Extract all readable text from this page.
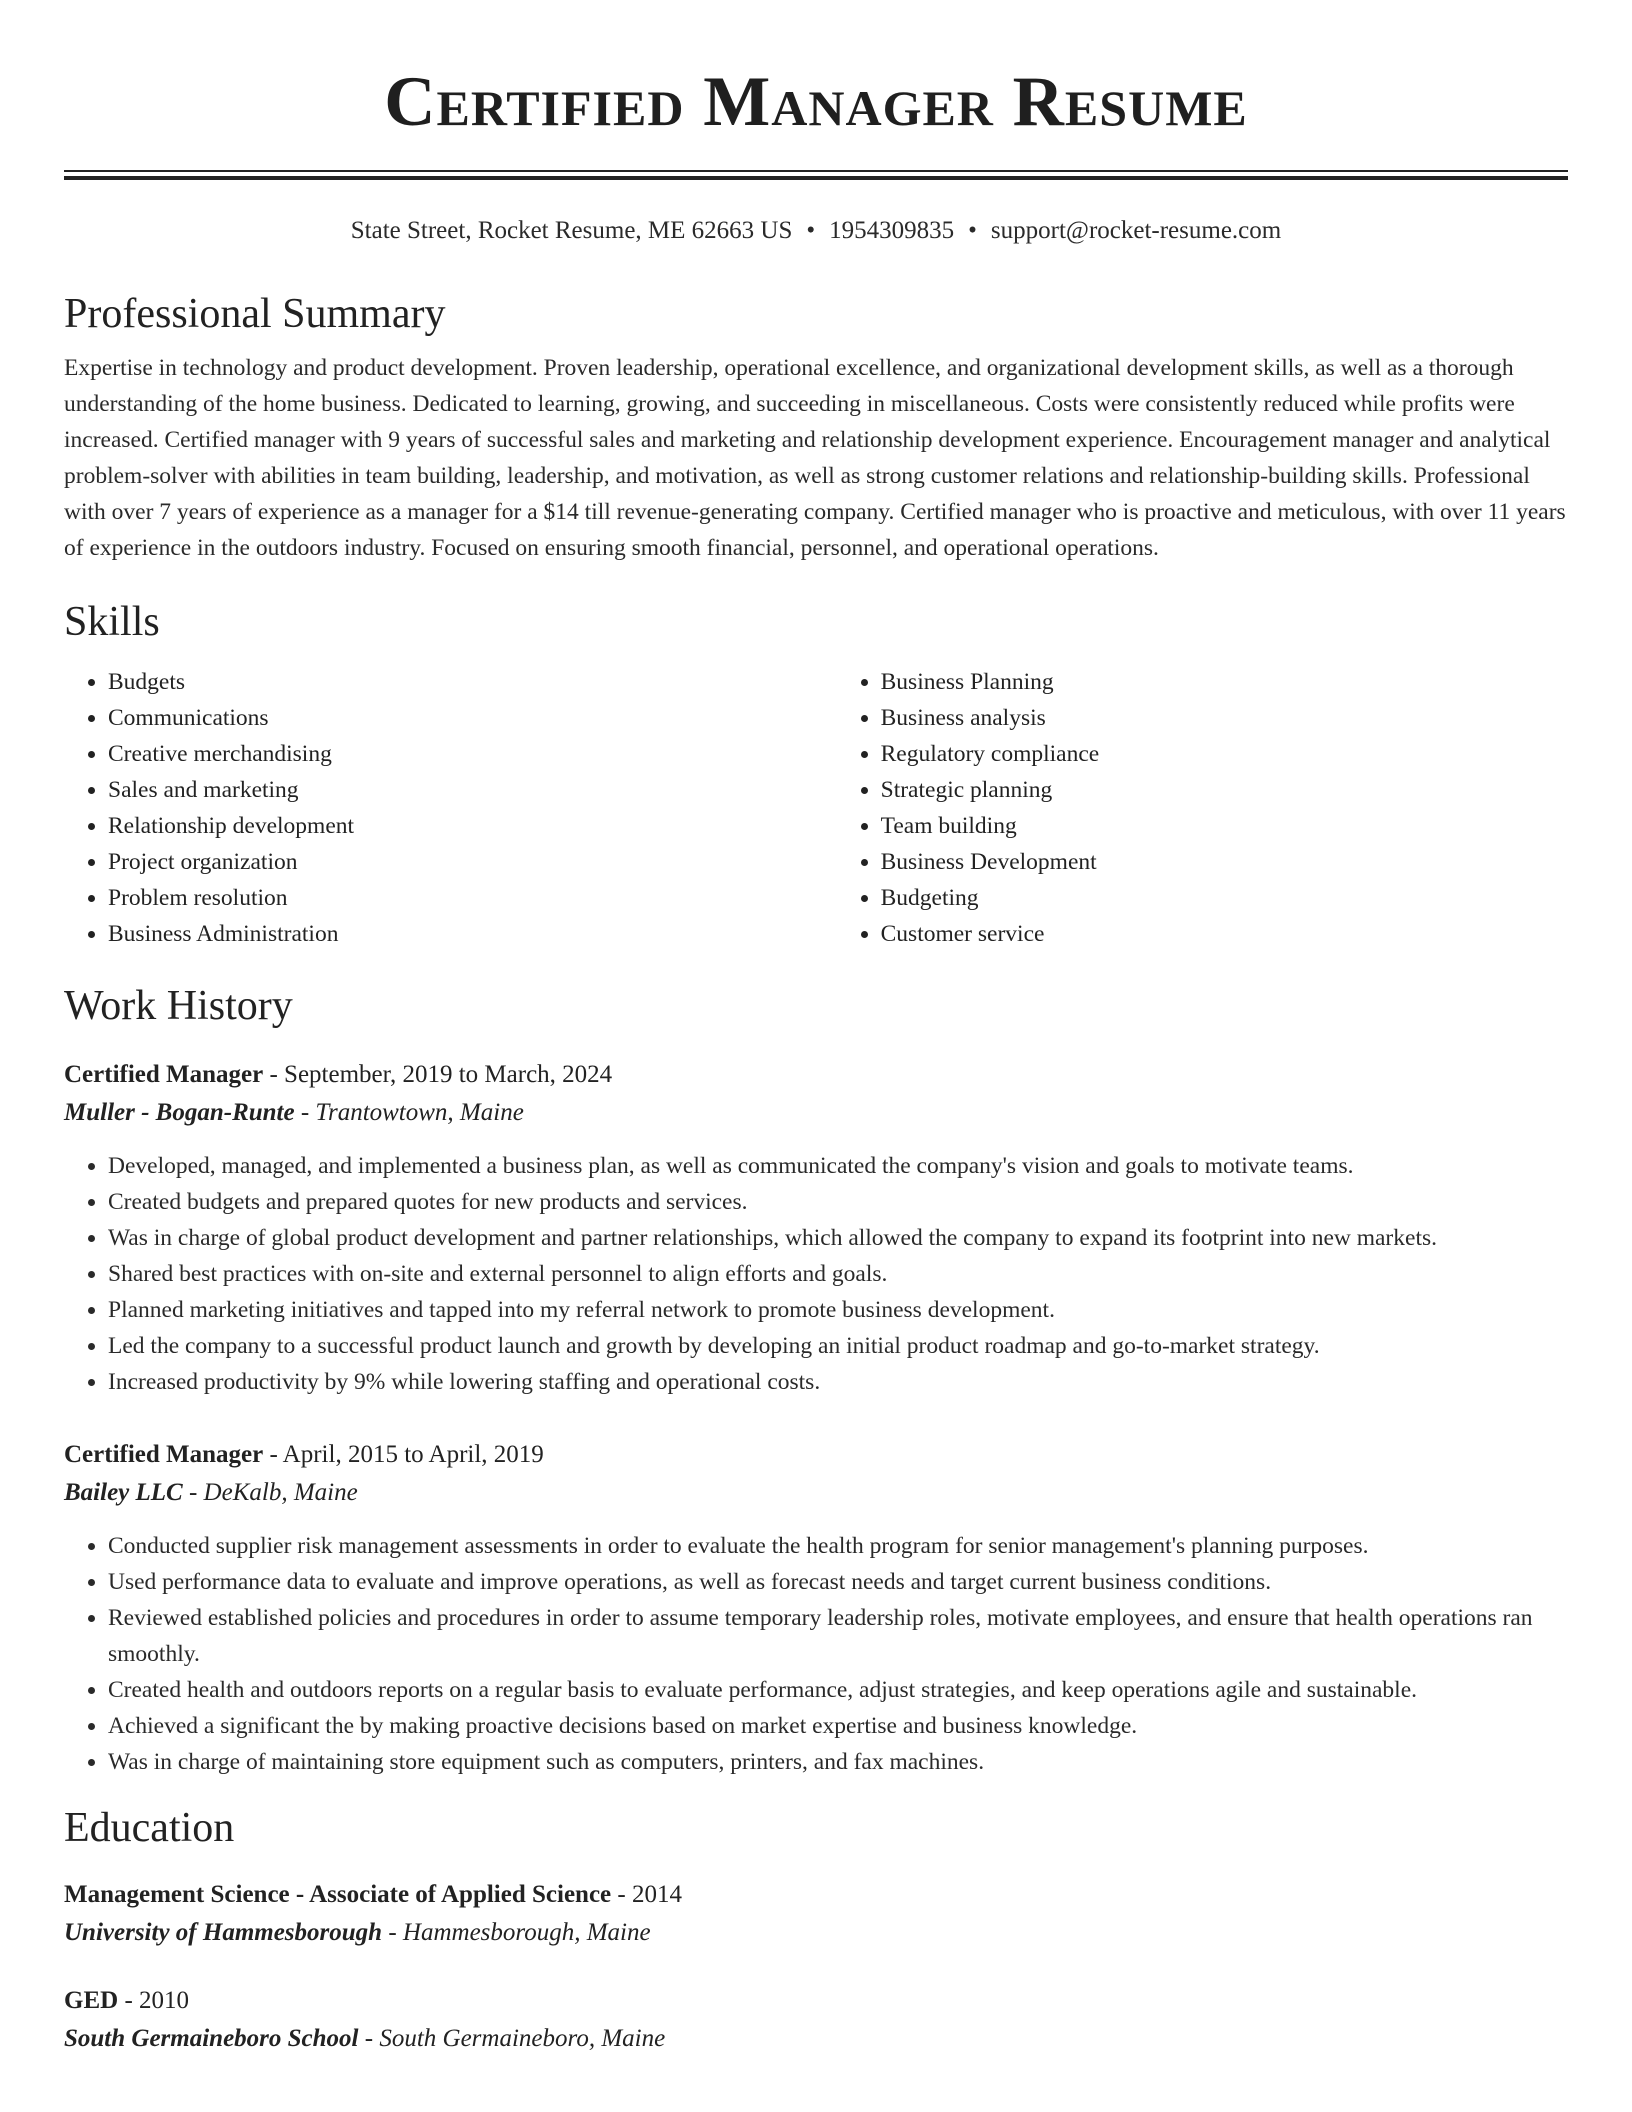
Certified Manager Resume
State Street, Rocket Resume, ME 62663 US • 1954309835 • support@rocket-resume.com
Professional Summary

Expertise in technology and product development. Proven leadership, operational excellence, and organizational development skills, as well as a thorough understanding of the home business. Dedicated to learning, growing, and succeeding in miscellaneous. Costs were consistently reduced while profits were increased. Certified manager with 9 years of successful sales and marketing and relationship development experience. Encouragement manager and analytical problem-solver with abilities in team building, leadership, and motivation, as well as strong customer relations and relationship-building skills. Professional with over 7 years of experience as a manager for a $14 till revenue-generating company. Certified manager who is proactive and meticulous, with over 11 years of experience in the outdoors industry. Focused on ensuring smooth financial, personnel, and operational operations.

Skills
• Budgets
• Communications
• Creative merchandising
• Sales and marketing
• Relationship development
• Project organization
• Problem resolution
• Business Administration
• Business Planning
• Business analysis
• Regulatory compliance
• Strategic planning
• Team building
• Business Development
• Budgeting
• Customer service
Work History
Certified Manager - September, 2019 to March, 2024
Muller - Bogan-Runte - Trantowtown, Maine
• Developed, managed, and implemented a business plan, as well as communicated the company's vision and goals to motivate teams.
• Created budgets and prepared quotes for new products and services.
• Was in charge of global product development and partner relationships, which allowed the company to expand its footprint into new markets.
• Shared best practices with on-site and external personnel to align efforts and goals.
• Planned marketing initiatives and tapped into my referral network to promote business development.
• Led the company to a successful product launch and growth by developing an initial product roadmap and go-to-market strategy.
• Increased productivity by 9% while lowering staffing and operational costs.
Certified Manager - April, 2015 to April, 2019
Bailey LLC - DeKalb, Maine
• Conducted supplier risk management assessments in order to evaluate the health program for senior management's planning purposes.
• Used performance data to evaluate and improve operations, as well as forecast needs and target current business conditions.
• Reviewed established policies and procedures in order to assume temporary leadership roles, motivate employees, and ensure that health operations ran smoothly.
• Created health and outdoors reports on a regular basis to evaluate performance, adjust strategies, and keep operations agile and sustainable.
• Achieved a significant the by making proactive decisions based on market expertise and business knowledge.
• Was in charge of maintaining store equipment such as computers, printers, and fax machines.
Education
Management Science - Associate of Applied Science - 2014
University of Hammesborough - Hammesborough, Maine
GED - 2010
South Germaineboro School - South Germaineboro, Maine
